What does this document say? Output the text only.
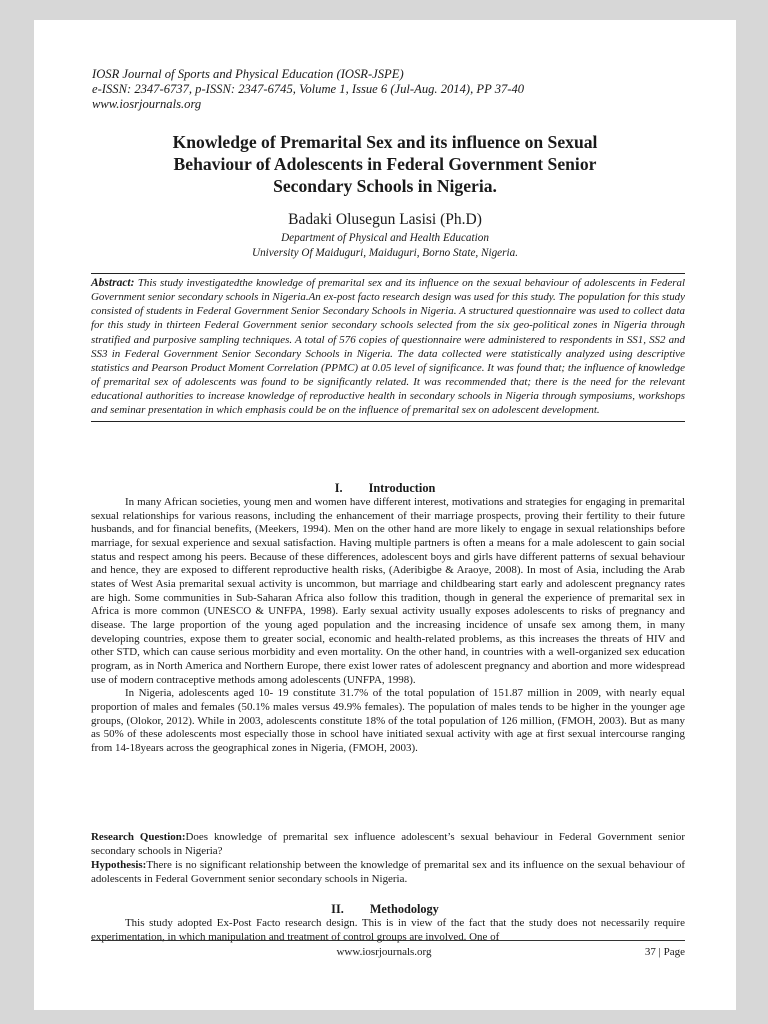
IOSR Journal of Sports and Physical Education (IOSR-JSPE)
e-ISSN: 2347-6737, p-ISSN: 2347-6745, Volume 1, Issue 6 (Jul-Aug. 2014), PP 37-40
www.iosrjournals.org
Knowledge of Premarital Sex and its influence on Sexual
Behaviour of Adolescents in Federal Government Senior
Secondary Schools in Nigeria.
Badaki Olusegun Lasisi (Ph.D)
Department of Physical and Health Education
University Of Maiduguri, Maiduguri, Borno State, Nigeria.
Abstract: This study investigatedthe knowledge of premarital sex and its influence on the sexual behaviour of adolescents in Federal Government senior secondary schools in Nigeria.An ex-post facto research design was used for this study. The population for this study consisted of students in Federal Government Senior Secondary Schools in Nigeria. A structured questionnaire was used to collect data for this study in thirteen Federal Government senior secondary schools selected from the six geo-political zones in Nigeria through stratified and purposive sampling techniques. A total of 576 copies of questionnaire were administered to respondents in SS1, SS2 and SS3 in Federal Government Senior Secondary Schools in Nigeria. The data collected were statistically analyzed using descriptive statistics and Pearson Product Moment Correlation (PPMC) at 0.05 level of significance. It was found that; the influence of knowledge of premarital sex of adolescents was found to be significantly related. It was recommended that; there is the need for the relevant educational authorities to increase knowledge of reproductive health in secondary schools in Nigeria through symposiums, workshops and seminar presentation in which emphasis could be on the influence of premarital sex on adolescent development.
I. Introduction

In many African societies, young men and women have different interest, motivations and strategies for engaging in premarital sexual relationships for various reasons, including the enhancement of their marriage prospects, proving their fertility to their future husbands, and for financial benefits, (Meekers, 1994). Men on the other hand are more likely to engage in sexual relationships before marriage, for sexual experience and sexual satisfaction. Having multiple partners is often a means for a male adolescent to gain social status and respect among his peers. Because of these differences, adolescent boys and girls have different patterns of sexual behaviour and hence, they are exposed to different reproductive health risks, (Aderibigbe & Araoye, 2008). In most of Asia, including the Arab states of West Asia premarital sexual activity is uncommon, but marriage and childbearing start early and adolescent pregnancy rates are high. Some communities in Sub-Saharan Africa also follow this tradition, though in general the experience of premarital sex in Africa is more common (UNESCO & UNFPA, 1998). Early sexual activity usually exposes adolescents to risks of pregnancy and disease. The large proportion of the young aged population and the increasing incidence of unsafe sex among them, in many developing countries, expose them to greater social, economic and health-related problems, as this increases the threats of HIV and other STD, which can cause serious morbidity and even mortality. On the other hand, in countries with a well-organized sex education program, as in North America and Northern Europe, there exist lower rates of adolescent pregnancy and abortion and more widespread use of modern contraceptive methods among adolescents (UNFPA, 1998).

In Nigeria, adolescents aged 10- 19 constitute 31.7% of the total population of 151.87 million in 2009, with nearly equal proportion of males and females (50.1% males versus 49.9% females). The population of males tends to be higher in the younger age groups, (Olokor, 2012). While in 2003, adolescents constitute 18% of the total population of 126 million, (FMOH, 2003). But as many as 50% of these adolescents most especially those in school have initiated sexual activity with age at first sexual intercourse ranging from 14-18years across the geographical zones in Nigeria, (FMOH, 2003).

Research Question:Does knowledge of premarital sex influence adolescent’s sexual behaviour in Federal Government senior secondary schools in Nigeria?
Hypothesis:There is no significant relationship between the knowledge of premarital sex and its influence on the sexual behaviour of adolescents in Federal Government senior secondary schools in Nigeria.
II. Methodology

This study adopted Ex-Post Facto research design. This is in view of the fact that the study does not necessarily require experimentation, in which manipulation and treatment of control groups are involved. One of

www.iosrjournals.org	37 | Page
